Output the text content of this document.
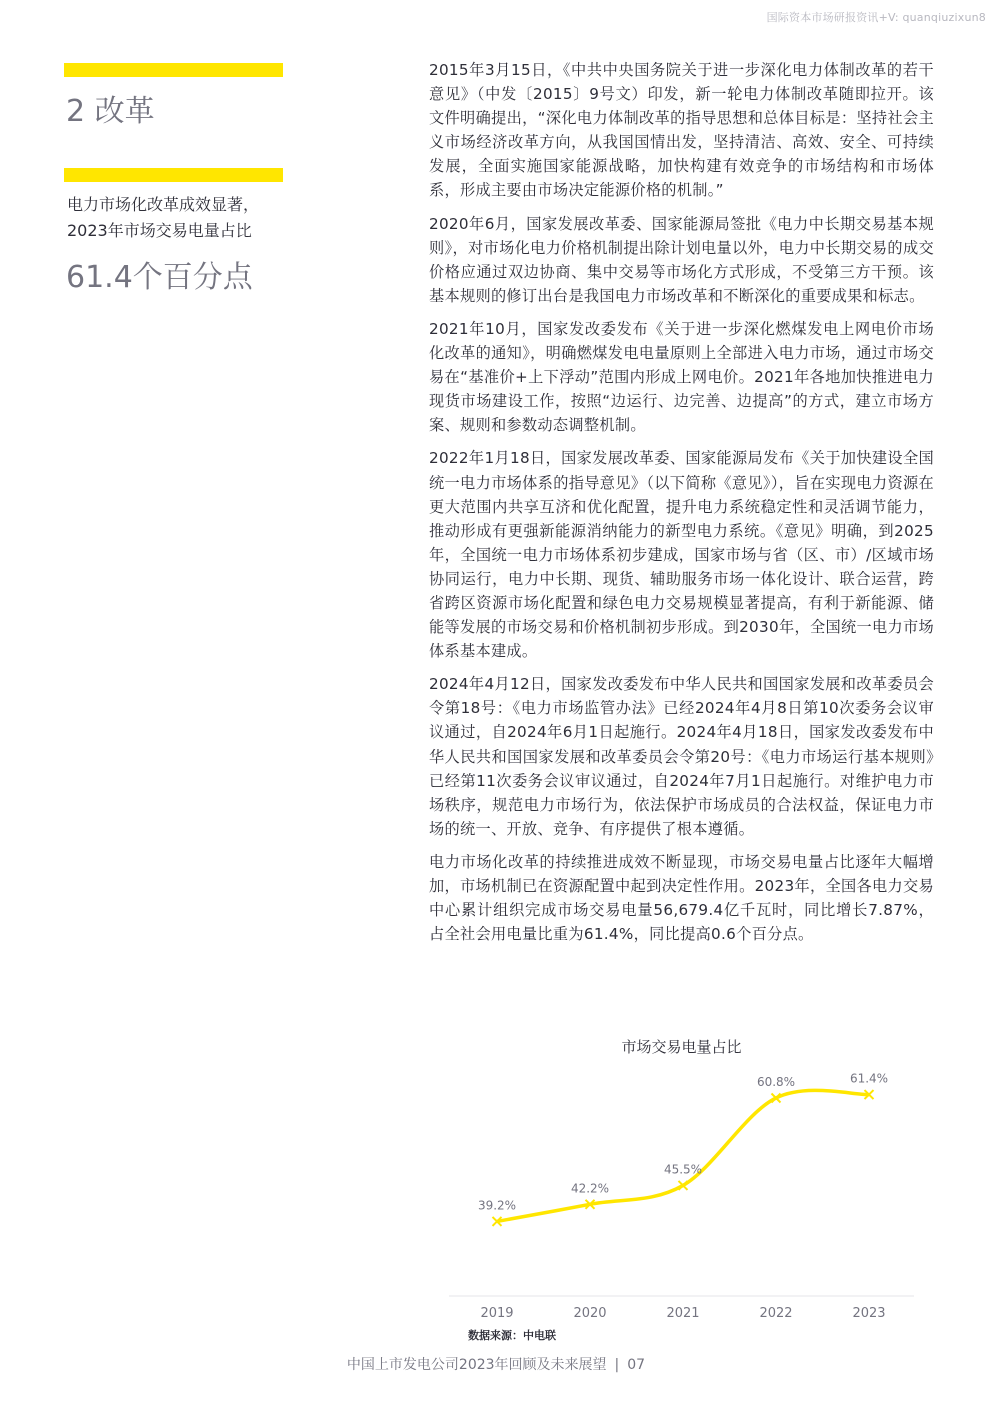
国际资本市场研报资讯+V: quanqiuzixun8
2 改革
电力市场化改革成效显著，
2023年市场交易电量占比
61.4个百分点

2015年3月15日，《中共中央国务院关于进一步深化电力体制改革的若干意见》（中发〔2015〕9号文）印发，新一轮电力体制改革随即拉开。该文件明确提出，“深化电力体制改革的指导思想和总体目标是：坚持社会主义市场经济改革方向，从我国国情出发，坚持清洁、高效、安全、可持续发展，全面实施国家能源战略，加快构建有效竞争的市场结构和市场体系，形成主要由市场决定能源价格的机制。”

2020年6月，国家发展改革委、国家能源局签批《电力中长期交易基本规则》，对市场化电力价格机制提出除计划电量以外，电力中长期交易的成交价格应通过双边协商、集中交易等市场化方式形成，不受第三方干预。该基本规则的修订出台是我国电力市场改革和不断深化的重要成果和标志。

2021年10月，国家发改委发布《关于进一步深化燃煤发电上网电价市场化改革的通知》，明确燃煤发电电量原则上全部进入电力市场，通过市场交易在“基准价+上下浮动”范围内形成上网电价。2021年各地加快推进电力现货市场建设工作，按照“边运行、边完善、边提高”的方式，建立市场方案、规则和参数动态调整机制。

2022年1月18日，国家发展改革委、国家能源局发布《关于加快建设全国统一电力市场体系的指导意见》（以下简称《意见》），旨在实现电力资源在更大范围内共享互济和优化配置，提升电力系统稳定性和灵活调节能力，推动形成有更强新能源消纳能力的新型电力系统。《意见》明确，到2025年，全国统一电力市场体系初步建成，国家市场与省（区、市）/区域市场协同运行，电力中长期、现货、辅助服务市场一体化设计、联合运营，跨省跨区资源市场化配置和绿色电力交易规模显著提高，有利于新能源、储能等发展的市场交易和价格机制初步形成。到2030年，全国统一电力市场体系基本建成。

2024年4月12日，国家发改委发布中华人民共和国国家发展和改革委员会令第18号：《电力市场监管办法》已经2024年4月8日第10次委务会议审议通过，自2024年6月1日起施行。2024年4月18日，国家发改委发布中华人民共和国国家发展和改革委员会令第20号：《电力市场运行基本规则》已经第11次委务会议审议通过，自2024年7月1日起施行。对维护电力市场秩序，规范电力市场行为，依法保护市场成员的合法权益，保证电力市场的统一、开放、竞争、有序提供了根本遵循。

电力市场化改革的持续推进成效不断显现，市场交易电量占比逐年大幅增加，市场机制已在资源配置中起到决定性作用。2023年，全国各电力交易中心累计组织完成市场交易电量56,679.4亿千瓦时，同比增长7.87%，占全社会用电量比重为61.4%，同比提高0.6个百分点。

市场交易电量占比
39.2%
2019
42.2%
2020
45.5%
2021
60.8%
2022
61.4%
2023
数据来源：中电联
中国上市发电公司2023年回顾及未来展望 | 07
